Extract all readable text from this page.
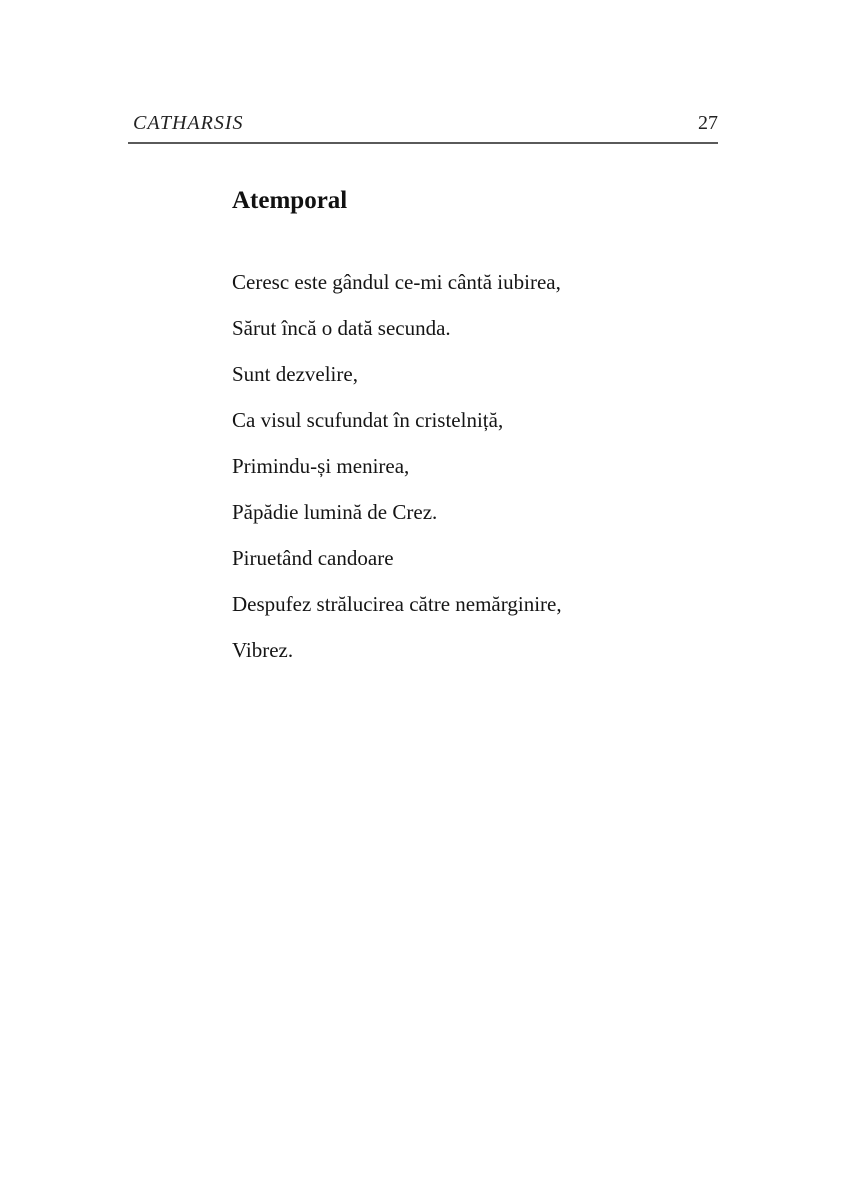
CATHARSIS	27
Atemporal
Ceresc este gândul ce-mi cântă iubirea,
Sărut încă o dată secunda.
Sunt dezvelire,
Ca visul scufundat în cristelniță,
Primindu-și menirea,
Păpădie lumină de Crez.
Piruetând candoare
Despufez strălucirea către nemărginire,
Vibrez.
